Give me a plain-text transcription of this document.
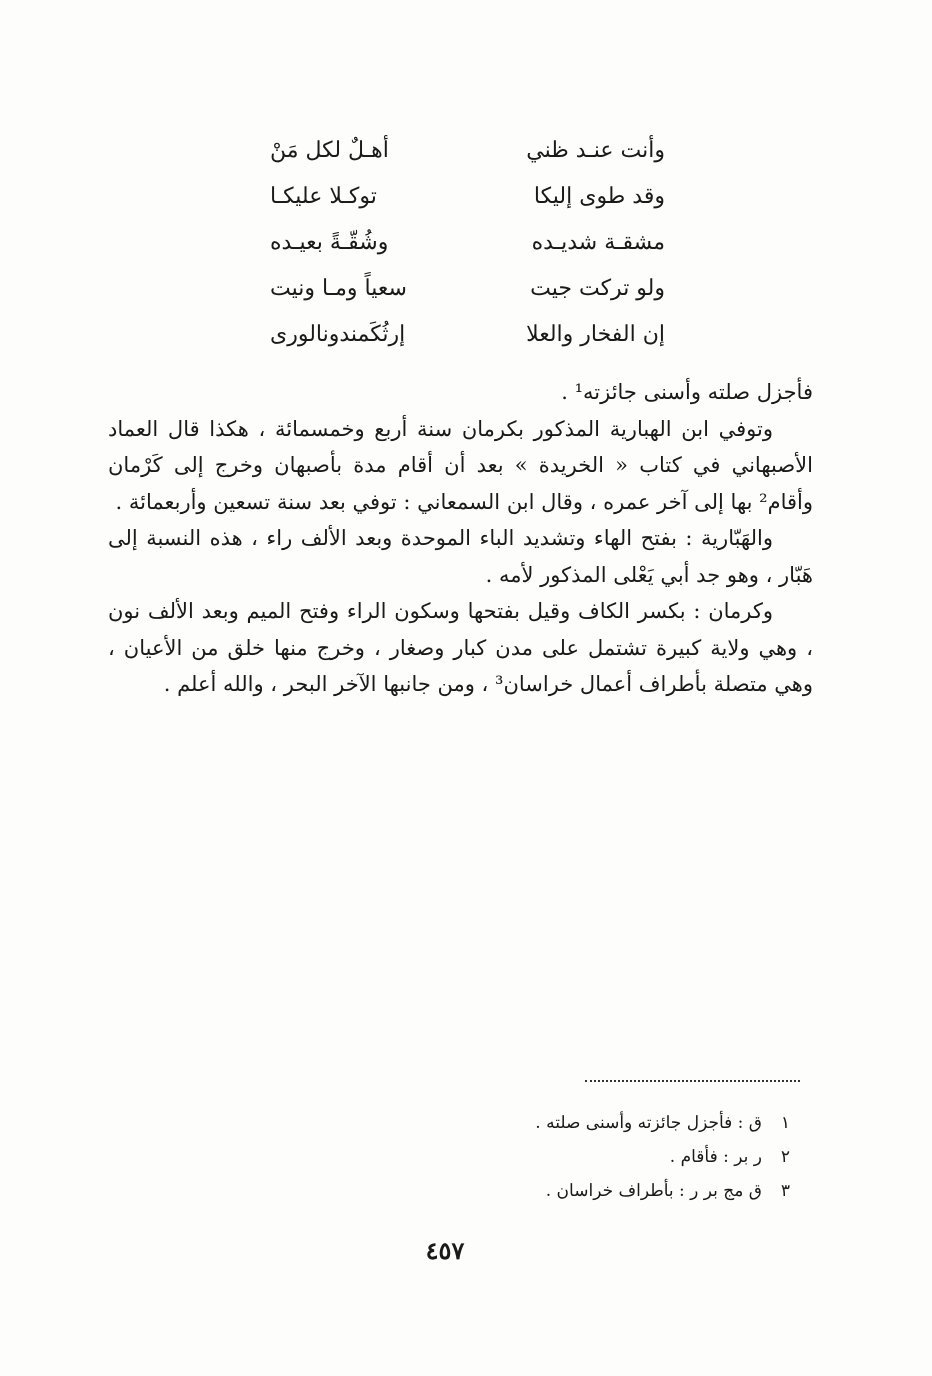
وأنت عنـد ظني
أهـلٌ لكل مَنْ
وقد طوى إليكا
توكـلا عليكـا
مشقـة شديـده
وشُقّـةً بعيـده
ولو تركت جيت
سعياً ومـا ونيت
إن الفخار والعلا
إرثُكَمندونالورى

فأجزل صلته وأسنى جائزته¹ .

وتوفي ابن الهبارية المذكور بكرمان سنة أربع وخمسمائة ، هكذا قال العماد الأصبهاني في كتاب « الخريدة » بعد أن أقام مدة بأصبهان وخرج إلى كَرْمان وأقام² بها إلى آخر عمره ، وقال ابن السمعاني : توفي بعد سنة تسعين وأربعمائة .

والهَبّارية : بفتح الهاء وتشديد الباء الموحدة وبعد الألف راء ، هذه النسبة إلى هَبّار ، وهو جد أبي يَعْلى المذكور لأمه .

وكرمان : بكسر الكاف وقيل بفتحها وسكون الراء وفتح الميم وبعد الألف نون ، وهي ولاية كبيرة تشتمل على مدن كبار وصغار ، وخرج منها خلق من الأعيان ، وهي متصلة بأطراف أعمال خراسان³ ، ومن جانبها الآخر البحر ، والله أعلم .

١
ق : فأجزل جائزته وأسنى صلته .
٢
ر بر : فأقام .
٣
ق مج بر ر : بأطراف خراسان .
٤٥٧
